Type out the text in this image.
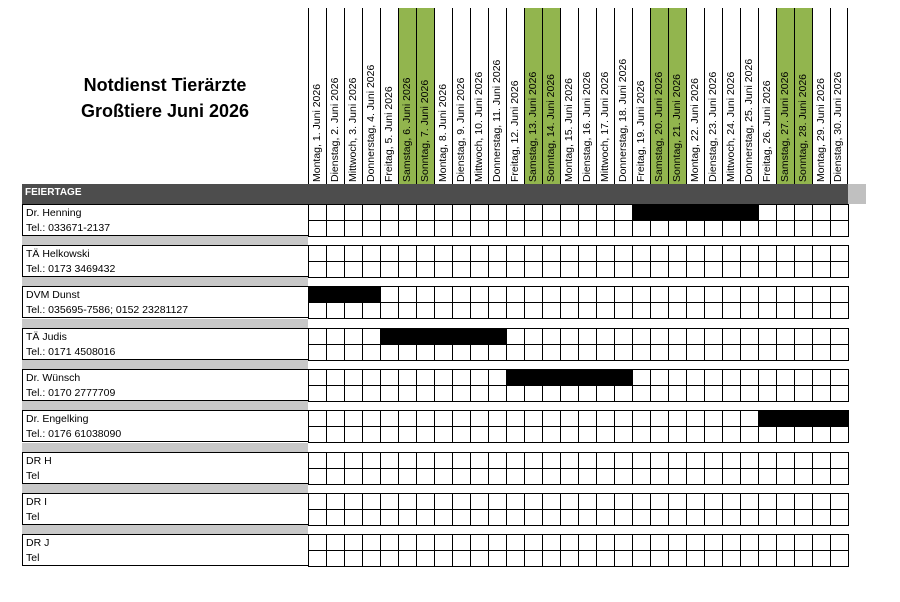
Notdienst Tierärzte
Großtiere Juni 2026	Montag, 1. Juni 2026 Dienstag, 2. Juni 2026 Mittwoch, 3. Juni 2026 Donnerstag, 4. Juni 2026 Freitag, 5. Juni 2026 Samstag, 6. Juni 2026 Sonntag, 7. Juni 2026 Montag, 8. Juni 2026 Dienstag, 9. Juni 2026 Mittwoch, 10. Juni 2026 Donnerstag, 11. Juni 2026 Freitag, 12. Juni 2026 Samstag, 13. Juni 2026 Sonntag, 14. Juni 2026 Montag, 15. Juni 2026 Dienstag, 16. Juni 2026 Mittwoch, 17. Juni 2026 Donnerstag, 18. Juni 2026 Freitag, 19. Juni 2026 Samstag, 20. Juni 2026 Sonntag, 21. Juni 2026 Montag, 22. Juni 2026 Dienstag, 23. Juni 2026 Mittwoch, 24. Juni 2026 Donnerstag, 25. Juni 2026 Freitag, 26. Juni 2026 Samstag, 27. Juni 2026 Sonntag, 28. Juni 2026 Montag, 29. Juni 2026 Dienstag, 30. Juni 2026
FEIERTAGE
Dr. Henning
Tel.: 033671-2137
TÄ Helkowski
Tel.: 0173 3469432
DVM Dunst
Tel.: 035695-7586; 0152 23281127
TÄ Judis
Tel.: 0171 4508016
Dr. Wünsch
Tel.: 0170 2777709
Dr. Engelking
Tel.: 0176 61038090
DR H
Tel
DR I
Tel
DR J
Tel
